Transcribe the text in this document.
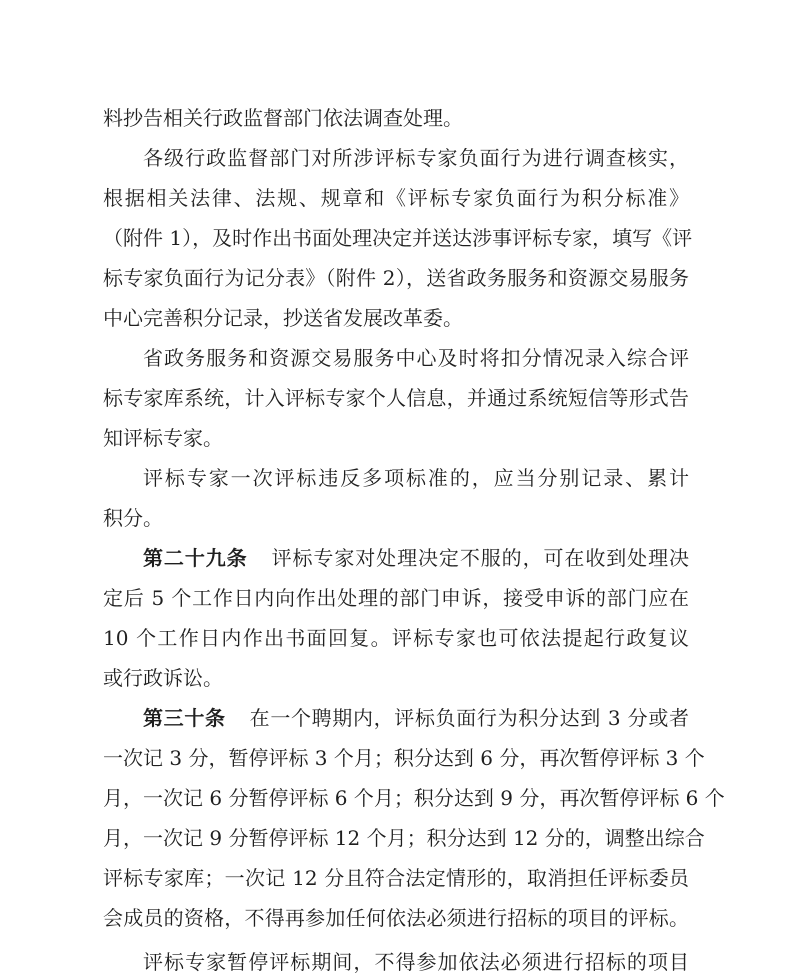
料抄告相关行政监督部门依法调查处理。
各级行政监督部门对所涉评标专家负面行为进行调查核实，
根据相关法律、法规、规章和《评标专家负面行为积分标准》
（附件 1），及时作出书面处理决定并送达涉事评标专家，填写《评
标专家负面行为记分表》（附件 2），送省政务服务和资源交易服务
中心完善积分记录，抄送省发展改革委。
省政务服务和资源交易服务中心及时将扣分情况录入综合评
标专家库系统，计入评标专家个人信息，并通过系统短信等形式告
知评标专家。
评标专家一次评标违反多项标准的，应当分别记录、累计
积分。
第二十九条 评标专家对处理决定不服的，可在收到处理决
定后 5 个工作日内向作出处理的部门申诉，接受申诉的部门应在
10 个工作日内作出书面回复。评标专家也可依法提起行政复议
或行政诉讼。
第三十条 在一个聘期内，评标负面行为积分达到 3 分或者
一次记 3 分，暂停评标 3 个月；积分达到 6 分，再次暂停评标 3 个
月，一次记 6 分暂停评标 6 个月；积分达到 9 分，再次暂停评标 6 个
月，一次记 9 分暂停评标 12 个月；积分达到 12 分的，调整出综合
评标专家库；一次记 12 分且符合法定情形的，取消担任评标委员
会成员的资格，不得再参加任何依法必须进行招标的项目的评标。
评标专家暂停评标期间，不得参加依法必须进行招标的项目
